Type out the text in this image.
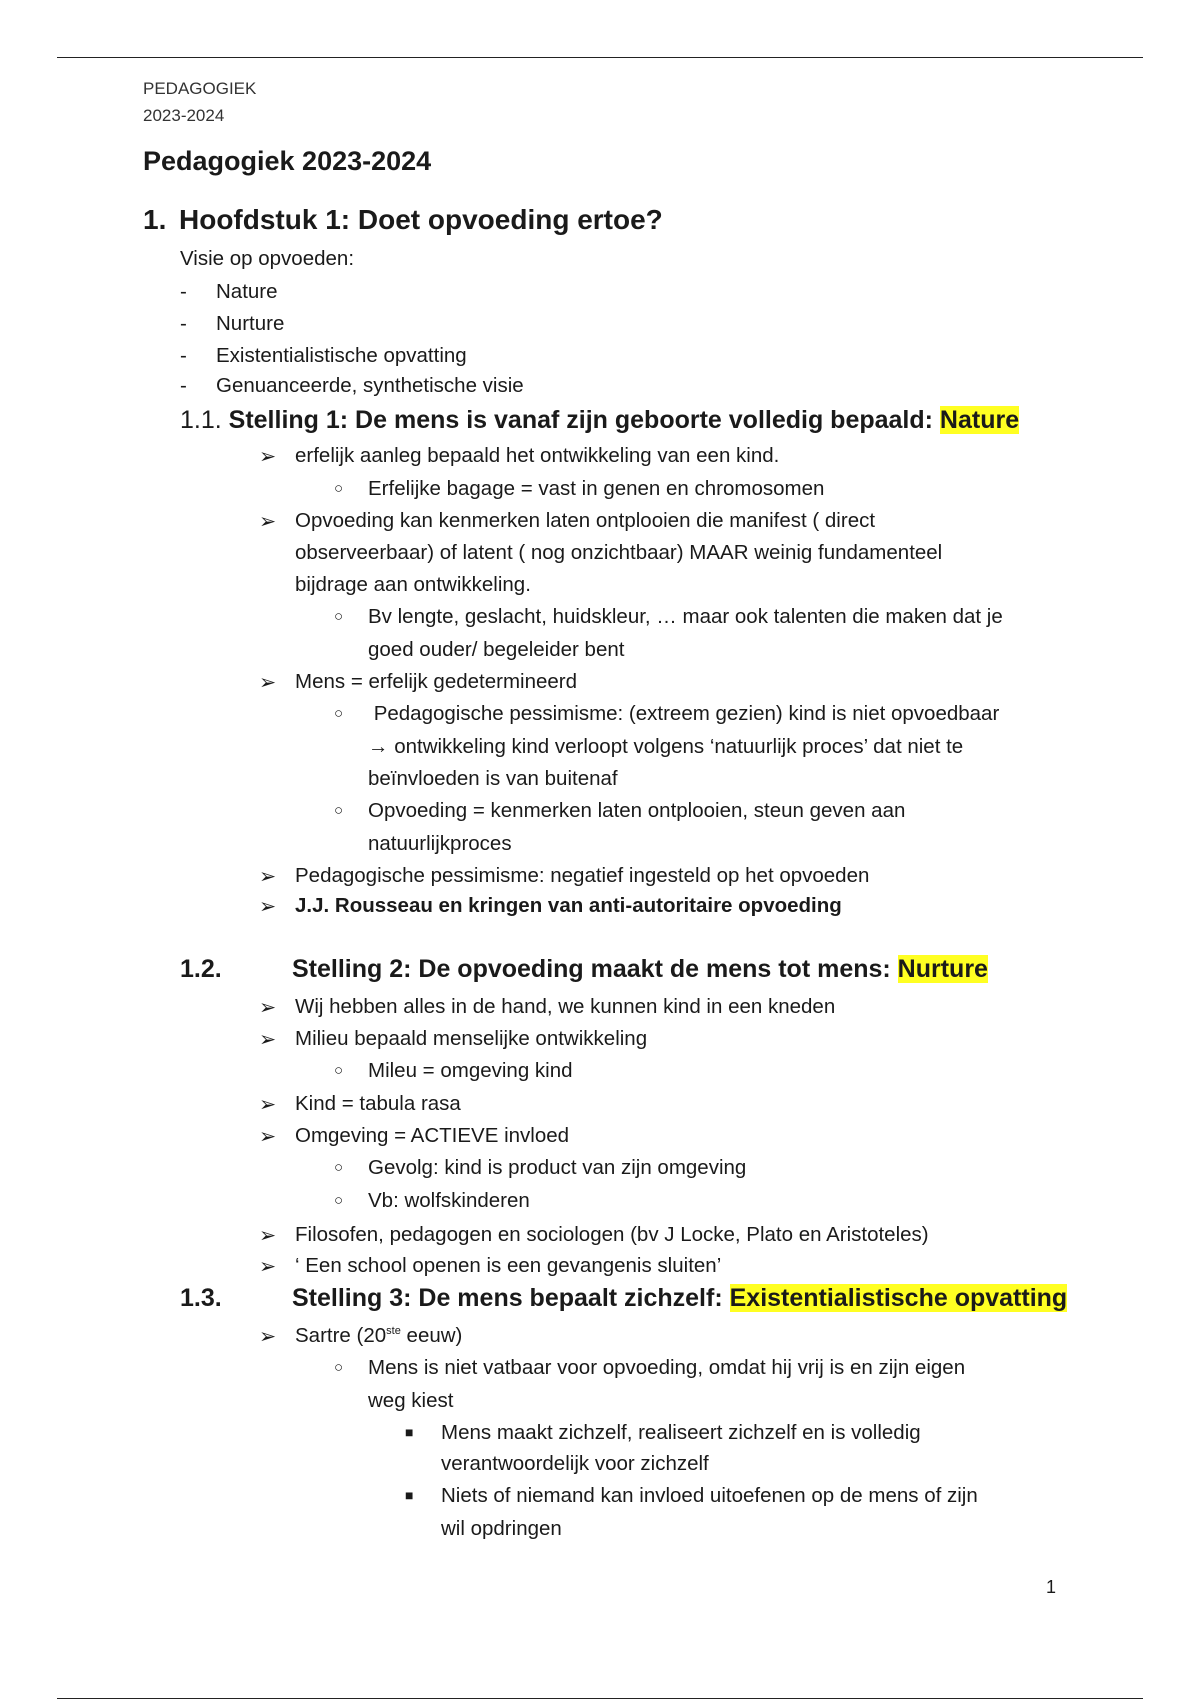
PEDAGOGIEK
2023-2024
Pedagogiek 2023-2024
1. Hoofdstuk 1: Doet opvoeding ertoe?
Visie op opvoeden:
- Nature
- Nurture
- Existentialistische opvatting
- Genuanceerde, synthetische visie
1.1. Stelling 1: De mens is vanaf zijn geboorte volledig bepaald: Nature
➢ erfelijk aanleg bepaald het ontwikkeling van een kind.
○ Erfelijke bagage = vast in genen en chromosomen
➢ Opvoeding kan kenmerken laten ontplooien die manifest ( direct
observeerbaar) of latent ( nog onzichtbaar) MAAR weinig fundamenteel
bijdrage aan ontwikkeling.
○ Bv lengte, geslacht, huidskleur, … maar ook talenten die maken dat je
goed ouder/ begeleider bent
➢ Mens = erfelijk gedetermineerd
○ Pedagogische pessimisme: (extreem gezien) kind is niet opvoedbaar
→ ontwikkeling kind verloopt volgens ‘natuurlijk proces’ dat niet te
beïnvloeden is van buitenaf
○ Opvoeding = kenmerken laten ontplooien, steun geven aan
natuurlijkproces
➢ Pedagogische pessimisme: negatief ingesteld op het opvoeden
➢ J.J. Rousseau en kringen van anti-autoritaire opvoeding
1.2.	Stelling 2: De opvoeding maakt de mens tot mens: Nurture
➢ Wij hebben alles in de hand, we kunnen kind in een kneden
➢ Milieu bepaald menselijke ontwikkeling
○ Mileu = omgeving kind
➢ Kind = tabula rasa
➢ Omgeving = ACTIEVE invloed
○ Gevolg: kind is product van zijn omgeving
○ Vb: wolfskinderen
➢ Filosofen, pedagogen en sociologen (bv J Locke, Plato en Aristoteles)
➢ ‘ Een school openen is een gevangenis sluiten’
1.3.	Stelling 3: De mens bepaalt zichzelf: Existentialistische opvatting
➢ Sartre (20ste eeuw)
○ Mens is niet vatbaar voor opvoeding, omdat hij vrij is en zijn eigen
weg kiest
■ Mens maakt zichzelf, realiseert zichzelf en is volledig
verantwoordelijk voor zichzelf
■ Niets of niemand kan invloed uitoefenen op de mens of zijn
wil opdringen
1
